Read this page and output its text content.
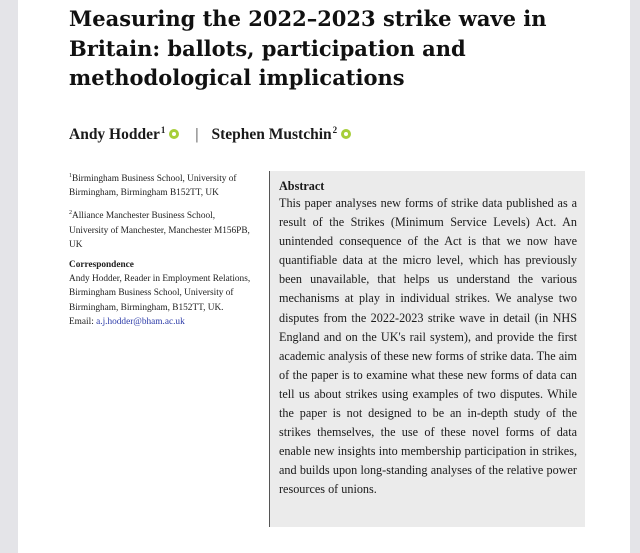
Measuring the 2022–2023 strike wave in Britain: ballots, participation and methodological implications
Andy Hodder$^1$ | Stephen Mustchin$^2$

$^1$Birmingham Business School, University of Birmingham, Birmingham B152TT, UK

$^2$Alliance Manchester Business School, University of Manchester, Manchester M156PB, UK

Correspondence

Andy Hodder, Reader in Employment Relations, Birmingham Business School, University of Birmingham, Birmingham, B152TT, UK.
Email: a.j.hodder@bham.ac.uk

Abstract

This paper analyses new forms of strike data published as a result of the Strikes (Minimum Service Levels) Act. An unintended consequence of the Act is that we now have quantifiable data at the micro level, which has previously been unavailable, that helps us understand the various mechanisms at play in individual strikes. We analyse two disputes from the 2022-2023 strike wave in detail (in NHS England and on the UK's rail system), and provide the first academic analysis of these new forms of strike data. The aim of the paper is to examine what these new forms of data can tell us about strikes using examples of two disputes. While the paper is not designed to be an in-depth study of the strikes themselves, the use of these novel forms of data enable new insights into membership participation in strikes, and builds upon long-standing analyses of the relative power resources of unions.
